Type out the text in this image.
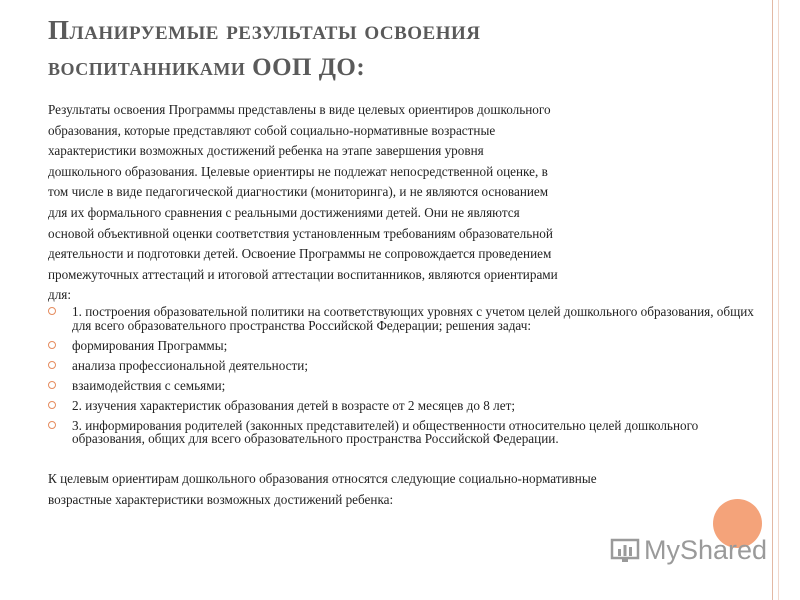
Планируемые результаты освоения
воспитанниками ООП ДО:

Результаты освоения Программы представлены в виде целевых ориентиров дошкольного

образования, которые представляют собой социально-нормативные возрастные

характеристики возможных достижений ребенка на этапе завершения уровня

дошкольного образования. Целевые ориентиры не подлежат непосредственной оценке, в

том числе в виде педагогической диагностики (мониторинга), и не являются основанием

для их формального сравнения с реальными достижениями детей. Они не являются

основой объективной оценки соответствия установленным требованиям образовательной

деятельности и подготовки детей. Освоение Программы не сопровождается проведением

промежуточных аттестаций и итоговой аттестации воспитанников, являются ориентирами

для:

1. построения образовательной политики на соответствующих уровнях с учетом целей дошкольного образования, общих для всего образовательного пространства Российской Федерации; решения задач:
формирования Программы;
анализа профессиональной деятельности;
взаимодействия с семьями;
2. изучения характеристик образования детей в возрасте от 2 месяцев до 8 лет;
3. информирования родителей (законных представителей) и общественности относительно целей дошкольного образования, общих для всего образовательного пространства Российской Федерации.

К целевым ориентирам дошкольного образования относятся следующие социально-нормативные

возрастные характеристики возможных достижений ребенка:

MyShared
